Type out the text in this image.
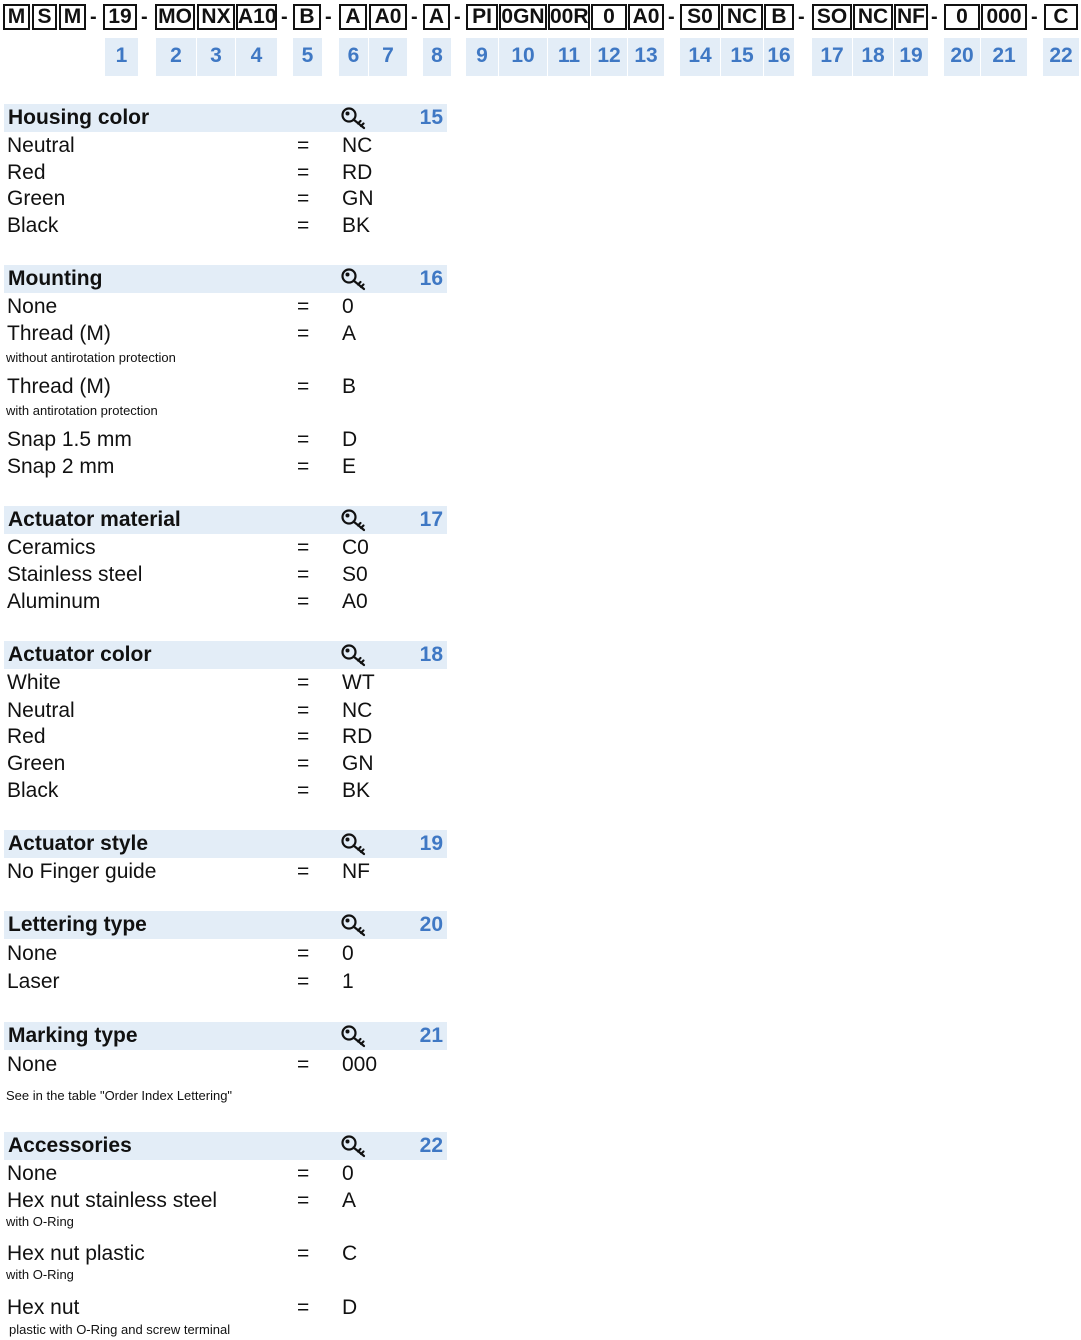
M S M - 19 - MO NX A10 - B - A A0 - A - PI 0GN 00R 0 A0 - S0 NC B - SO NC NF - 0 000 - C
1	2	3	4	5	6	7	8	9	10	11 12 13	14 15 16	17 18 19	20 21	22
Housing color	15
Neutral	= NC
Red	= RD
Green	= GN
Black	= BK
Mounting	16
None	= 0
Thread (M)	= A
without antirotation protection
Thread (M)	= B
with antirotation protection
Snap 1.5 mm	= D
Snap 2 mm	= E
Actuator material	17
Ceramics	= C0
Stainless steel	= S0
Aluminum	= A0
Actuator color	18
White	= WT
Neutral	= NC
Red	= RD
Green	= GN
Black	= BK
Actuator style	19
No Finger guide	= NF
Lettering type	20
None	= 0
Laser	= 1
Marking type	21
None	= 000
See in the table "Order Index Lettering"
Accessories	22
None	= 0
Hex nut stainless steel	= A
with O-Ring
Hex nut plastic	= C
with O-Ring
Hex nut	= D
plastic with O-Ring and screw terminal
